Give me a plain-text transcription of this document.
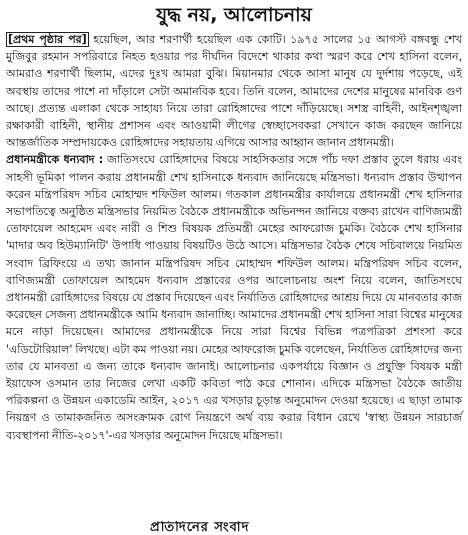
যুদ্ধ নয়, আলোচনায়

[প্রথম পৃষ্ঠার পর] হয়েছিল, আর শরণার্থী হয়েছিল এক কোটি। ১৯৭৫ সালের ১৫ আগস্ট বঙ্গবন্ধু শেখ মুজিবুর রহমান সপরিবারে নিহত হওয়ার পর দীর্ঘদিন বিদেশে থাকার কথা স্মরণ করে শেখ হাসিনা বলেন, আমরাও শরণার্থী ছিলাম, এদের দুঃখ আমরা বুঝি। মিয়ানমার থেকে আসা মানুষ যে দুর্দশায় পড়েছে, এই অবস্থায় তাদের পাশে না দাঁড়ালে সেটা অমানবিক হবে। তিনি বলেন, আমাদের দেশের মানুষের মানবিক গুণ আছে। প্রত্যন্ত এলাকা থেকে সাহায্য নিয়ে তারা রোহিঙ্গাদের পাশে দাঁড়িয়েছে। সশস্ত্র বাহিনী, আইনশৃঙ্খলা রক্ষাকারী বাহিনী, স্থানীয় প্রশাসন এবং আওয়ামী লীগের স্বেচ্ছাসেবকরা সেখানে কাজ করছেন জানিয়ে আন্তর্জাতিক সম্প্রদায়কেও রোহিঙ্গাদের সহায়তায় এগিয়ে আসার আহ্বান জানান প্রধানমন্ত্রী।

প্রধানমন্ত্রীকে ধন্যবাদ : জাতিসংঘে রোহিঙ্গাদের বিষয়ে সাহসিকতার সঙ্গে পাঁচ দফা প্রস্তাব তুলে ধরায় এবং সাহসী ভূমিকা পালন করায় প্রধানমন্ত্রী শেখ হাসিনাকে ধন্যবাদ জানিয়েছে মন্ত্রিসভা। ধন্যবাদ প্রস্তাব উত্থাপন করেন মন্ত্রিপরিষদ সচিব মোহাম্মদ শফিউল আলম। গতকাল প্রধানমন্ত্রীর কার্যালয়ে প্রধানমন্ত্রী শেখ হাসিনার সভাপতিত্বে অনুষ্ঠিত মন্ত্রিসভার নিয়মিত বৈঠকে প্রধানমন্ত্রীকে অভিনন্দন জানিয়ে বক্তব্য রাখেন বাণিজ্যমন্ত্রী তোফায়েল আহমেদ এবং নারী ও শিশু বিষয়ক প্রতিমন্ত্রী মেহের আফরোজ চুমকি। বৈঠকে শেখ হাসিনার 'মাদার অব হিউম্যানিটি' উপাধি পাওয়ায় বিষয়টিও উঠে আসে। মন্ত্রিসভার বৈঠক শেষে সচিবালয়ে নিয়মিত সংবাদ ব্রিফিংয়ে এ তথ্য জানান মন্ত্রিপরিষদ সচিব মোহাম্মদ শফিউল আলম। মন্ত্রিপরিষদ সচিব বলেন, বাণিজ্যমন্ত্রী তোফায়েল আহমেদ ধন্যবাদ প্রস্তাবের ওপর আলোচনায় অংশ নিয়ে বলেন, জাতিসংঘে প্রধানমন্ত্রী রোহিঙ্গাদের বিষয়ে যে প্রস্তাব দিয়েছেন এবং নির্যাতিত রোহিঙ্গাদের আশ্রয় দিয়ে যে মানবতার কাজ করেছেন সেজন্য প্রধানমন্ত্রীকে আমি ধন্যবাদ জানাচ্ছি। আমাদের প্রধানমন্ত্রী শেখ হাসিনা সারা বিশ্বের মানুষের মনে নাড়া দিয়েছেন। আমাদের প্রধানমন্ত্রীকে নিয়ে সারা বিশ্বের বিভিন্ন পত্রপত্রিকা প্রশংসা করে 'এডিটোরিয়াল' লিখছে। এটা কম পাওয়া নয়। মেহের আফরোজ চুমকি বলেছেন, নির্যাতিত রোহিঙ্গাদের জন্য তার যে মানবতা এ জন্য তাকে ধন্যবাদ জানাই। আলোচনার একপর্যায়ে বিজ্ঞান ও প্রযুক্তি বিষয়ক মন্ত্রী ইয়াফেস ওসমান তার নিজের লেখা একটি কবিতা পাঠ করে শোনান। এদিকে মন্ত্রিসভা বৈঠকে জাতীয় পরিকল্পনা ও উন্নয়ন একাডেমি আইন, ২০১৭ এর খসড়ার চূড়ান্ত অনুমোদন দেওয়া হয়েছে। এ ছাড়া তামাক নিয়ন্ত্রণ ও তামাকজনিত অসংক্রামক রোগ নিয়ন্ত্রণে অর্থ ব্যয় করার বিধান রেখে 'স্বাস্থ্য উন্নয়ন সারচার্জ ব্যবস্থাপনা নীতি-২০১৭'-এর খসড়ার অনুমোদন দিয়েছে মন্ত্রিসভা।

প্রতিদিনের সংবাদ
